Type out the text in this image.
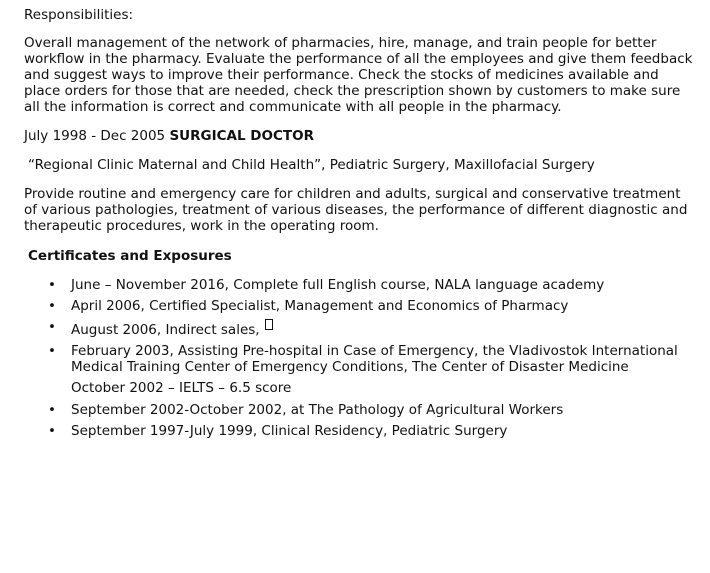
Responsibilities:

Overall management of the network of pharmacies, hire, manage, and train people for better workflow in the pharmacy. Evaluate the performance of all the employees and give them feedback and suggest ways to improve their performance. Check the stocks of medicines available and place orders for those that are needed, check the prescription shown by customers to make sure all the information is correct and communicate with all people in the pharmacy.

July 1998 - Dec 2005 SURGICAL DOCTOR

“Regional Clinic Maternal and Child Health”, Pediatric Surgery, Maxillofacial Surgery

Provide routine and emergency care for children and adults, surgical and conservative treatment of various pathologies, treatment of various diseases, the performance of different diagnostic and therapeutic procedures, work in the operating room.

Certificates and Exposures

• June – November 2016, Complete full English course, NALA language academy
• April 2006, Certified Specialist, Management and Economics of Pharmacy
• August 2006, Indirect sales,
• February 2003, Assisting Pre-hospital in Case of Emergency, the Vladivostok International Medical Training Center of Emergency Conditions, The Center of Disaster Medicine
October 2002 – IELTS – 6.5 score
• September 2002-October 2002, at The Pathology of Agricultural Workers
• September 1997-July 1999, Clinical Residency, Pediatric Surgery
